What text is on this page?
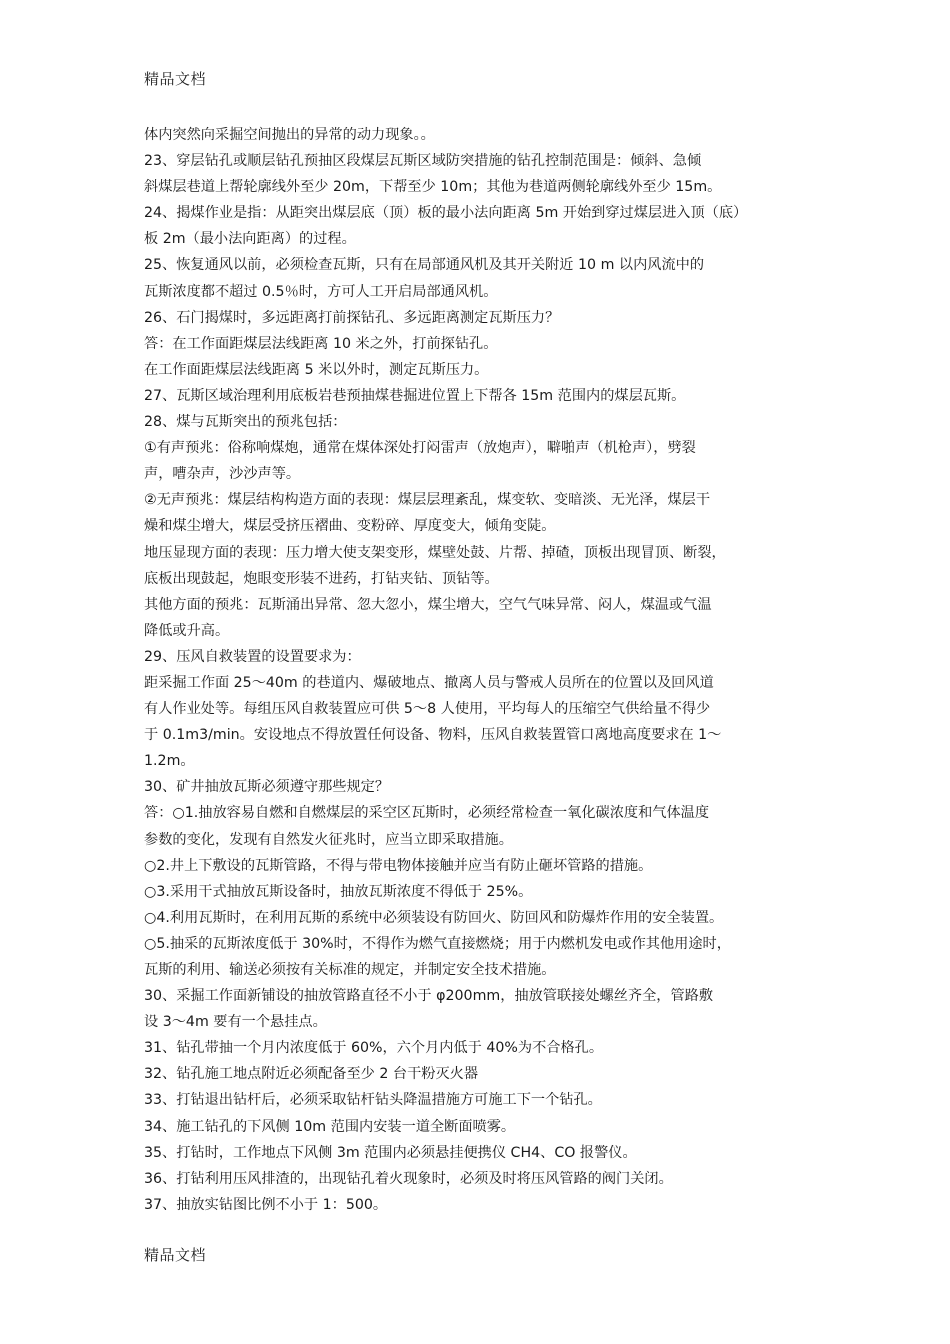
精品文档
体内突然向采掘空间抛出的异常的动力现象。。
23、穿层钻孔或顺层钻孔预抽区段煤层瓦斯区域防突措施的钻孔控制范围是：倾斜、急倾
斜煤层巷道上帮轮廓线外至少 20m，下帮至少 10m；其他为巷道两侧轮廓线外至少 15m。
24、揭煤作业是指：从距突出煤层底（顶）板的最小法向距离 5m 开始到穿过煤层进入顶（底）
板 2m（最小法向距离）的过程。
25、恢复通风以前，必须检查瓦斯，只有在局部通风机及其开关附近 10 m 以内风流中的
瓦斯浓度都不超过 0.5％时，方可人工开启局部通风机。
26、石门揭煤时，多远距离打前探钻孔、多远距离测定瓦斯压力？
答：在工作面距煤层法线距离 10 米之外，打前探钻孔。
在工作面距煤层法线距离 5 米以外时，测定瓦斯压力。
27、瓦斯区域治理利用底板岩巷预抽煤巷掘进位置上下帮各 15m 范围内的煤层瓦斯。
28、煤与瓦斯突出的预兆包括：
①有声预兆：俗称响煤炮，通常在煤体深处打闷雷声（放炮声），噼啪声（机枪声），劈裂
声，嘈杂声，沙沙声等。
②无声预兆：煤层结构构造方面的表现：煤层层理紊乱，煤变软、变暗淡、无光泽，煤层干
燥和煤尘增大，煤层受挤压褶曲、变粉碎、厚度变大，倾角变陡。
地压显现方面的表现：压力增大使支架变形，煤壁处鼓、片帮、掉碴，顶板出现冒顶、断裂，
底板出现鼓起，炮眼变形装不进药，打钻夹钻、顶钻等。
其他方面的预兆：瓦斯涌出异常、忽大忽小，煤尘增大，空气气味异常、闷人，煤温或气温
降低或升高。
29、压风自救装置的设置要求为：
距采掘工作面 25～40m 的巷道内、爆破地点、撤离人员与警戒人员所在的位置以及回风道
有人作业处等。每组压风自救装置应可供 5～8 人使用，平均每人的压缩空气供给量不得少
于 0.1m3/min。安设地点不得放置任何设备、物料，压风自救装置管口离地高度要求在 1～
1.2m。
30、矿井抽放瓦斯必须遵守那些规定？
答：○1.抽放容易自燃和自燃煤层的采空区瓦斯时，必须经常检查一氧化碳浓度和气体温度
参数的变化，发现有自然发火征兆时，应当立即采取措施。
○2.井上下敷设的瓦斯管路，不得与带电物体接触并应当有防止砸坏管路的措施。
○3.采用干式抽放瓦斯设备时，抽放瓦斯浓度不得低于 25%。
○4.利用瓦斯时，在利用瓦斯的系统中必须装设有防回火、防回风和防爆炸作用的安全装置。
○5.抽采的瓦斯浓度低于 30%时，不得作为燃气直接燃烧；用于内燃机发电或作其他用途时，
瓦斯的利用、输送必须按有关标准的规定，并制定安全技术措施。
30、采掘工作面新铺设的抽放管路直径不小于 φ200mm，抽放管联接处螺丝齐全，管路敷
设 3～4m 要有一个悬挂点。
31、钻孔带抽一个月内浓度低于 60%，六个月内低于 40%为不合格孔。
32、钻孔施工地点附近必须配备至少 2 台干粉灭火器
33、打钻退出钻杆后，必须采取钻杆钻头降温措施方可施工下一个钻孔。
34、施工钻孔的下风侧 10m 范围内安装一道全断面喷雾。
35、打钻时，工作地点下风侧 3m 范围内必须悬挂便携仪 CH4、CO 报警仪。
36、打钻利用压风排渣的，出现钻孔着火现象时，必须及时将压风管路的阀门关闭。
37、抽放实钻图比例不小于 1：500。
精品文档
